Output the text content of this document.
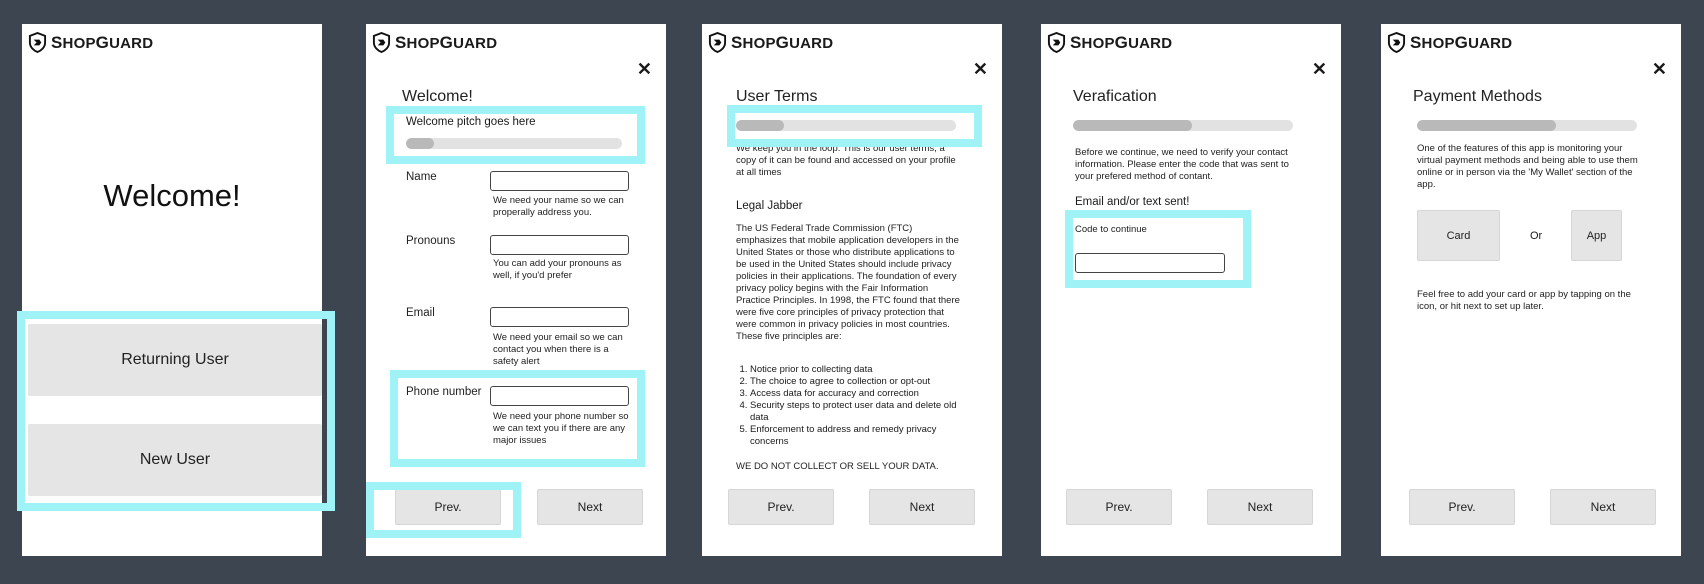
SHOPGUARD
Welcome!
Returning User
New User
SHOPGUARD
✕
Welcome!
Welcome pitch goes here
Name
We need your name so we can properally address you.
Pronouns
You can add your pronouns as well, if you'd prefer
Email
We need your email so we can contact you when there is a safety alert
Phone number
We need your phone number so we can text you if there are any major issues
Prev.	Next
SHOPGUARD
✕
User Terms
We keep you in the loop. This is our user terms, a copy of it can be found and accessed on your profile at all times
Legal Jabber
The US Federal Trade Commission (FTC) emphasizes that mobile application developers in the United States or those who distribute applications to be used in the United States should include privacy policies in their applications. The foundation of every privacy policy begins with the Fair Information Practice Principles. In 1998, the FTC found that there were five core principles of privacy protection that were common in privacy policies in most countries. These five principles are:
1. Notice prior to collecting data
2. The choice to agree to collection or opt-out
3. Access data for accuracy and correction
4. Security steps to protect user data and delete old data
5. Enforcement to address and remedy privacy concerns
WE DO NOT COLLECT OR SELL YOUR DATA.
Prev.	Next
SHOPGUARD
✕
Verafication
Before we continue, we need to verify your contact information. Please enter the code that was sent to your prefered method of contant.
Email and/or text sent!
Code to continue
Prev.	Next
SHOPGUARD
✕
Payment Methods
One of the features of this app is monitoring your virtual payment methods and being able to use them online or in person via the 'My Wallet' section of the app.
Card	Or	App
Feel free to add your card or app by tapping on the icon, or hit next to set up later.
Prev.	Next
